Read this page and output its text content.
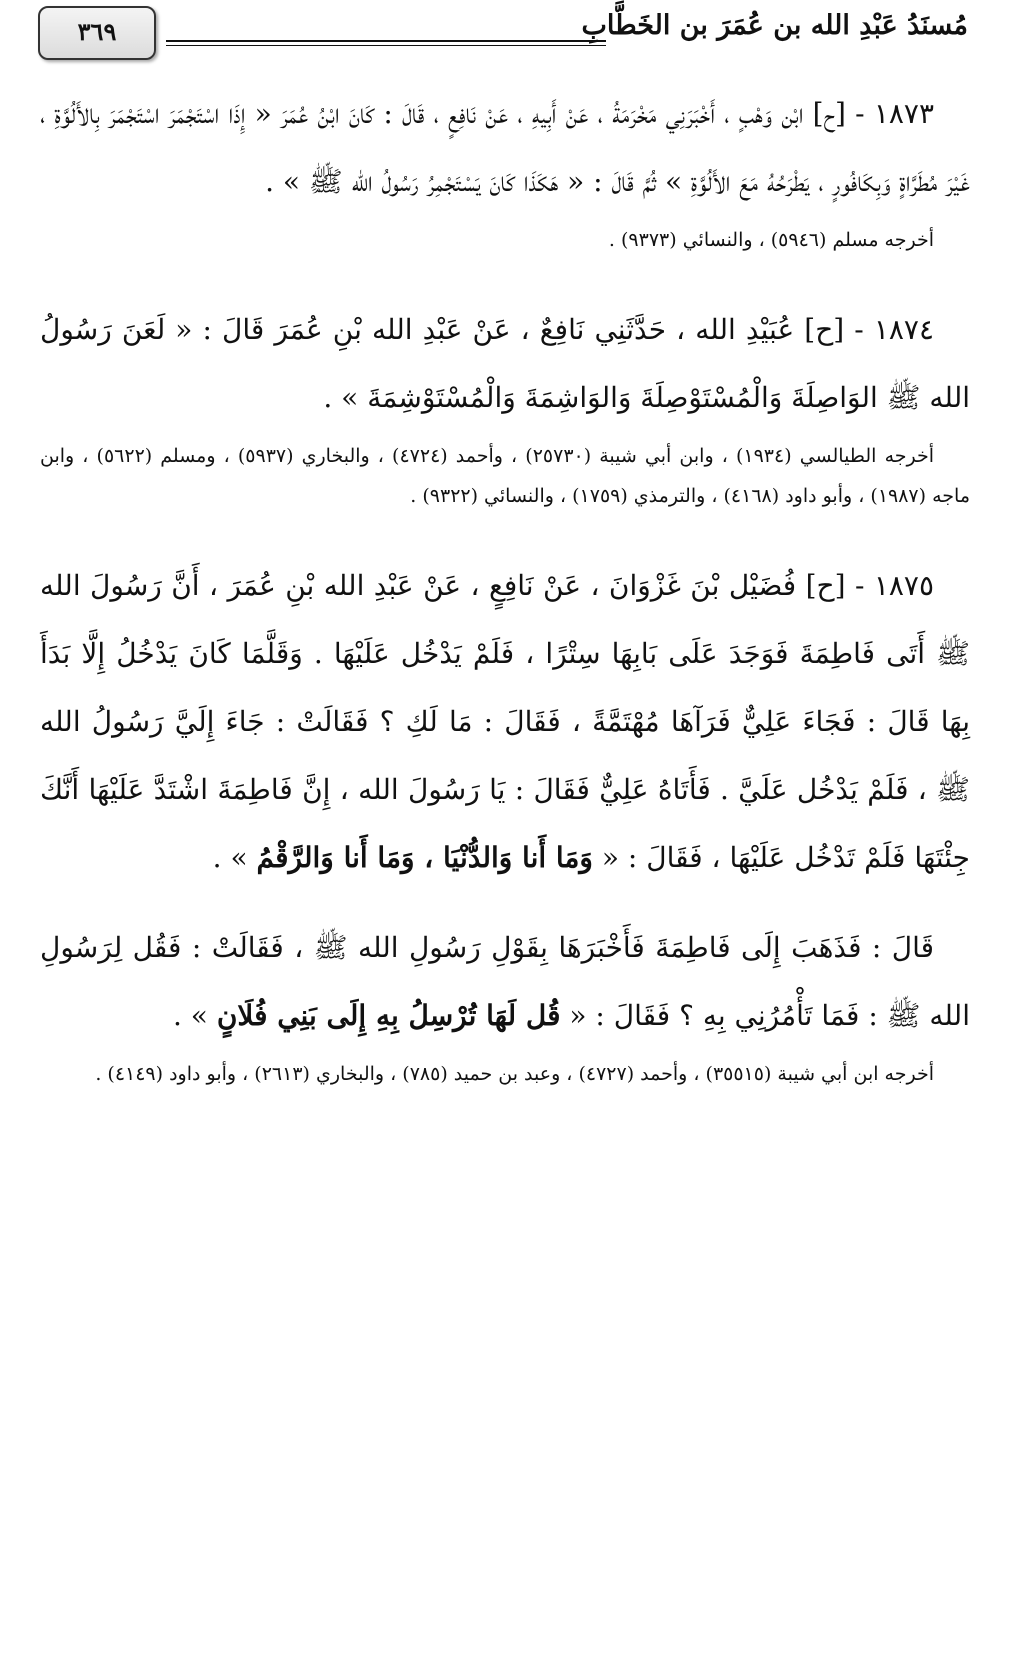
٣٦٩	مُسنَدُ عَبْدِ الله بن عُمَرَ بن الخَطَّابِ

١٨٧٣ - [ح] ابْن وَهْبٍ ، أَخْبَرَنِي مَخْرَمَةُ ، عَنْ أَبِيهِ ، عَنْ نَافِعٍ ، قَالَ : كَانَ ابْنُ عُمَرَ « إِذَا اسْتَجْمَرَ اسْتَجْمَرَ بِالأَلُوَّةِ ، غَيْرَ مُطَرَّاةٍ وَبِكَافُورٍ ، يَطْرَحُهُ مَعَ الأَلُوَّةِ » ثُمَّ قَالَ : « هَكَذَا كَانَ يَسْتَجْمِرُ رَسُولُ الله ﷺ » .

أخرجه مسلم (٥٩٤٦) ، والنسائي (٩٣٧٣) .

١٨٧٤ - [ح] عُبَيْدِ الله ، حَدَّثَنِي نَافِعٌ ، عَنْ عَبْدِ الله بْنِ عُمَرَ قَالَ : « لَعَنَ رَسُولُ الله ﷺ الوَاصِلَةَ وَالْمُسْتَوْصِلَةَ وَالوَاشِمَةَ وَالْمُسْتَوْشِمَةَ » .

أخرجه الطيالسي (١٩٣٤) ، وابن أبي شيبة (٢٥٧٣٠) ، وأحمد (٤٧٢٤) ، والبخاري (٥٩٣٧) ، ومسلم (٥٦٢٢) ، وابن ماجه (١٩٨٧) ، وأبو داود (٤١٦٨) ، والترمذي (١٧٥٩) ، والنسائي (٩٣٢٢) .

١٨٧٥ - [ح] فُضَيْل بْنَ غَزْوَانَ ، عَنْ نَافِعٍ ، عَنْ عَبْدِ الله بْنِ عُمَرَ ، أَنَّ رَسُولَ الله ﷺ أَتَى فَاطِمَةَ فَوَجَدَ عَلَى بَابِهَا سِتْرًا ، فَلَمْ يَدْخُل عَلَيْهَا . وَقَلَّمَا كَانَ يَدْخُلُ إِلَّا بَدَأَ بِهَا قَالَ : فَجَاءَ عَلِيٌّ فَرَآهَا مُهْتَمَّةً ، فَقَالَ : مَا لَكِ ؟ فَقَالَتْ : جَاءَ إِلَيَّ رَسُولُ الله ﷺ ، فَلَمْ يَدْخُل عَلَيَّ . فَأَتَاهُ عَلِيٌّ فَقَالَ : يَا رَسُولَ الله ، إِنَّ فَاطِمَةَ اشْتَدَّ عَلَيْهَا أَنَّكَ جِئْتَهَا فَلَمْ تَدْخُل عَلَيْهَا ، فَقَالَ : « وَمَا أَنا وَالدُّنْيَا ، وَمَا أَنا وَالرَّقْمُ » .

قَالَ : فَذَهَبَ إِلَى فَاطِمَةَ فَأَخْبَرَهَا بِقَوْلِ رَسُولِ الله ﷺ ، فَقَالَتْ : فَقُل لِرَسُولِ الله ﷺ : فَمَا تَأْمُرُنِي بِهِ ؟ فَقَالَ : « قُل لَهَا تُرْسِلُ بِهِ إِلَى بَنِي فُلَانٍ » .

أخرجه ابن أبي شيبة (٣٥٥١٥) ، وأحمد (٤٧٢٧) ، وعبد بن حميد (٧٨٥) ، والبخاري (٢٦١٣) ، وأبو داود (٤١٤٩) .
